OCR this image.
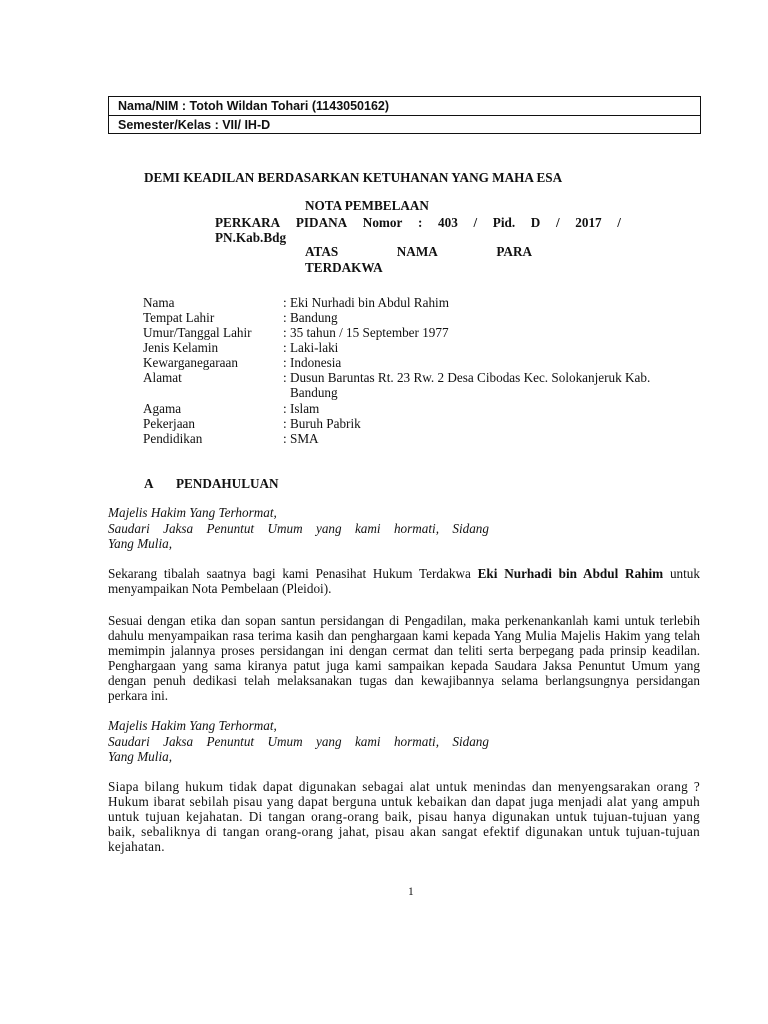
Nama/NIM : Totoh Wildan Tohari (1143050162)
Semester/Kelas : VII/ IH-D
DEMI KEADILAN BERDASARKAN KETUHANAN YANG MAHA ESA
NOTA PEMBELAAN
PERKARA PIDANA Nomor : 403 / Pid. D / 2017 /
PN.Kab.Bdg
ATAS	NAMA	PARA
TERDAKWA
Nama	: Eki Nurhadi bin Abdul Rahim
Tempat Lahir	: Bandung
Umur/Tanggal Lahir : 35 tahun / 15 September 1977
Jenis Kelamin	: Laki-laki
Kewarganegaraan	: Indonesia
Alamat	: Dusun Baruntas Rt. 23 Rw. 2 Desa Cibodas Kec. Solokanjeruk Kab.
Bandung
Agama	: Islam
Pekerjaan	: Buruh Pabrik
Pendidikan	: SMA
A PENDAHULUAN
Majelis Hakim Yang Terhormat,
Saudari Jaksa Penuntut Umum yang kami hormati, Sidang
Yang Mulia,
Sekarang tibalah saatnya bagi kami Penasihat Hukum Terdakwa Eki Nurhadi bin Abdul Rahim untuk menyampaikan Nota Pembelaan (Pleidoi).
Sesuai dengan etika dan sopan santun persidangan di Pengadilan, maka perkenankanlah kami untuk terlebih dahulu menyampaikan rasa terima kasih dan penghargaan kami kepada Yang Mulia Majelis Hakim yang telah memimpin jalannya proses persidangan ini dengan cermat dan teliti serta berpegang pada prinsip keadilan. Penghargaan yang sama kiranya patut juga kami sampaikan kepada Saudara Jaksa Penuntut Umum yang dengan penuh dedikasi telah melaksanakan tugas dan kewajibannya selama berlangsungnya persidangan perkara ini.
Majelis Hakim Yang Terhormat,
Saudari Jaksa Penuntut Umum yang kami hormati, Sidang
Yang Mulia,
Siapa bilang hukum tidak dapat digunakan sebagai alat untuk menindas dan menyengsarakan orang ? Hukum ibarat sebilah pisau yang dapat berguna untuk kebaikan dan dapat juga menjadi alat yang ampuh untuk tujuan kejahatan. Di tangan orang-orang baik, pisau hanya digunakan untuk tujuan-tujuan yang baik, sebaliknya di tangan orang-orang jahat, pisau akan sangat efektif digunakan untuk tujuan-tujuan kejahatan.
1
